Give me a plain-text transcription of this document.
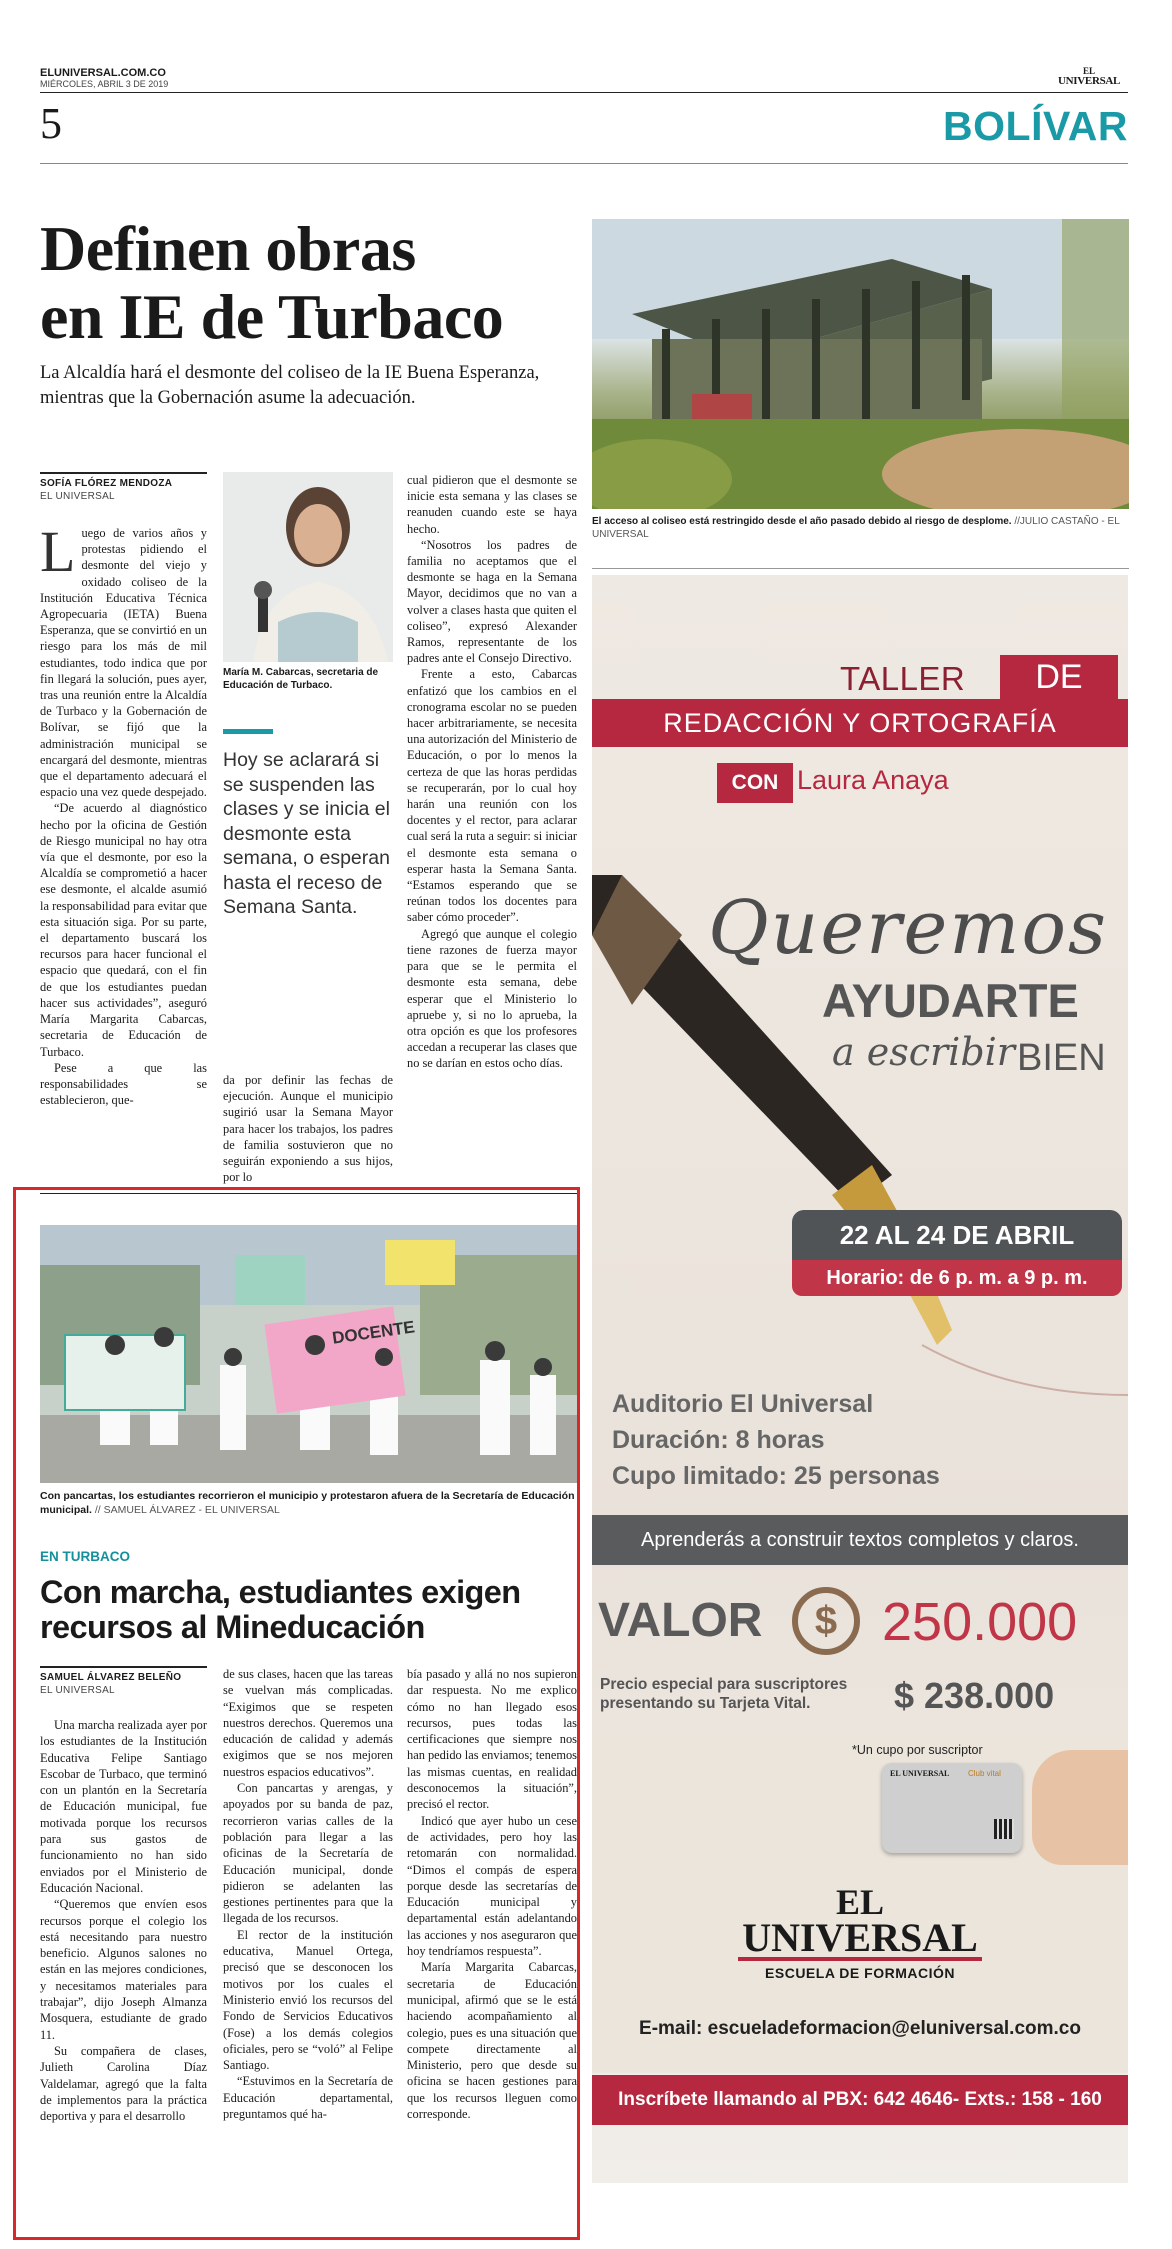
ELUNIVERSAL.COM.CO
MIÉRCOLES, ABRIL 3 DE 2019
EL
UNIVERSAL
5	BOLÍVAR
Definen obras
en IE de Turbaco
La Alcaldía hará el desmonte del coliseo de la IE Buena Esperanza, mientras que la Gobernación asume la adecuación.
El acceso al coliseo está restringido desde el año pasado debido al riesgo de desplome. //JULIO CASTAÑO - EL UNIVERSAL
SOFÍA FLÓREZ MENDOZA
EL UNIVERSAL
María M. Cabarcas, secretaria de Educación de Turbaco.
Hoy se aclarará si se suspenden las clases y se inicia el desmonte esta semana, o esperan hasta el receso de Semana Santa.

Luego de varios años y protestas pidiendo el desmonte del viejo y oxidado coliseo de la Institución Educativa Técnica Agropecuaria (IETA) Buena Esperanza, que se convirtió en un riesgo para los más de mil estudiantes, todo indica que por fin llegará la solución, pues ayer, tras una reunión entre la Alcaldía de Turbaco y la Gobernación de Bolívar, se fijó que la administración municipal se encargará del desmonte, mientras que el departamento adecuará el espacio una vez quede despejado.

“De acuerdo al diagnóstico hecho por la oficina de Gestión de Riesgo municipal no hay otra vía que el desmonte, por eso la Alcaldía se comprometió a hacer ese desmonte, el alcalde asumió la responsabilidad para evitar que esta situación siga. Por su parte, el departamento buscará los recursos para hacer funcional el espacio que quedará, con el fin de que los estudiantes puedan hacer sus actividades”, aseguró María Margarita Cabarcas, secretaria de Educación de Turbaco.

Pese a que las responsabilidades se establecieron, que-

da por definir las fechas de ejecución. Aunque el municipio sugirió usar la Semana Mayor para hacer los trabajos, los padres de familia sostuvieron que no seguirán exponiendo a sus hijos, por lo

cual pidieron que el desmonte se inicie esta semana y las clases se reanuden cuando este se haya hecho.

“Nosotros los padres de familia no aceptamos que el desmonte se haga en la Semana Mayor, decidimos que no van a volver a clases hasta que quiten el coliseo”, expresó Alexander Ramos, representante de los padres ante el Consejo Directivo.

Frente a esto, Cabarcas enfatizó que los cambios en el cronograma escolar no se pueden hacer arbitrariamente, se necesita una autorización del Ministerio de Educación, o por lo menos la certeza de que las horas perdidas se recuperarán, por lo cual hoy harán una reunión con los docentes y el rector, para aclarar cual será la ruta a seguir: si iniciar el desmonte esta semana o esperar hasta la Semana Santa. “Estamos esperando que se reúnan todos los docentes para saber cómo proceder”.

Agregó que aunque el colegio tiene razones de fuerza mayor para que se le permita el desmonte esta semana, debe esperar que el Ministerio lo apruebe y, si no lo aprueba, la otra opción es que los profesores accedan a recuperar las clases que no se darían en estos ocho días.

DOCENTE
Con pancartas, los estudiantes recorrieron el municipio y protestaron afuera de la Secretaría de Educación municipal. // SAMUEL ÁLVAREZ - EL UNIVERSAL
EN TURBACO
Con marcha, estudiantes exigen
recursos al Mineducación
SAMUEL ÁLVAREZ BELEÑO
EL UNIVERSAL

Una marcha realizada ayer por los estudiantes de la Institución Educativa Felipe Santiago Escobar de Turbaco, que terminó con un plantón en la Secretaría de Educación municipal, fue motivada porque los recursos para sus gastos de funcionamiento no han sido enviados por el Ministerio de Educación Nacional.

“Queremos que envíen esos recursos porque el colegio los está necesitando para nuestro beneficio. Algunos salones no están en las mejores condiciones, y necesitamos materiales para trabajar”, dijo Joseph Almanza Mosquera, estudiante de grado 11.

Su compañera de clases, Julieth Carolina Díaz Valdelamar, agregó que la falta de implementos para la práctica deportiva y para el desarrollo

de sus clases, hacen que las tareas se vuelvan más complicadas. “Exigimos que se respeten nuestros derechos. Queremos una educación de calidad y además exigimos que se nos mejoren nuestros espacios educativos”.

Con pancartas y arengas, y apoyados por su banda de paz, recorrieron varias calles de la población para llegar a las oficinas de la Secretaría de Educación municipal, donde pidieron se adelanten las gestiones pertinentes para que la llegada de los recursos.

El rector de la institución educativa, Manuel Ortega, precisó que se desconocen los motivos por los cuales el Ministerio envió los recursos del Fondo de Servicios Educativos (Fose) a los demás colegios oficiales, pero se “voló” al Felipe Santiago.

“Estuvimos en la Secretaría de Educación departamental, preguntamos qué ha-

bía pasado y allá no nos supieron dar respuesta. No me explico cómo no han llegado esos recursos, pues todas las certificaciones que siempre nos han pedido las enviamos; tenemos las mismas cuentas, en realidad desconocemos la situación”, precisó el rector.

Indicó que ayer hubo un cese de actividades, pero hoy las retomarán con normalidad. “Dimos el compás de espera porque desde las secretarías de Educación municipal y departamental están adelantando las acciones y nos aseguraron que hoy tendríamos respuesta”.

María Margarita Cabarcas, secretaria de Educación municipal, afirmó que se le está haciendo acompañamiento al colegio, pues es una situación que compete directamente al Ministerio, pero que desde su oficina se hacen gestiones para que los recursos lleguen como corresponde.

TALLER	DE
REDACCIÓN Y ORTOGRAFÍA
CON Laura Anaya
Queremos
AYUDARTE
a escribir BIEN
22 AL 24 DE ABRIL
Horario: de 6 p. m. a 9 p. m.
Auditorio El Universal
Duración: 8 horas
Cupo limitado: 25 personas
Aprenderás a construir textos completos y claros.
VALOR	$ 250.000
Precio especial para suscriptores presentando su Tarjeta Vital.	$ 238.000
*Un cupo por suscriptor
EL UNIVERSAL Club vital
EL
UNIVERSAL
ESCUELA DE FORMACIÓN
E-mail: escueladeformacion@eluniversal.com.co
Inscríbete llamando al PBX: 642 4646- Exts.: 158 - 160
